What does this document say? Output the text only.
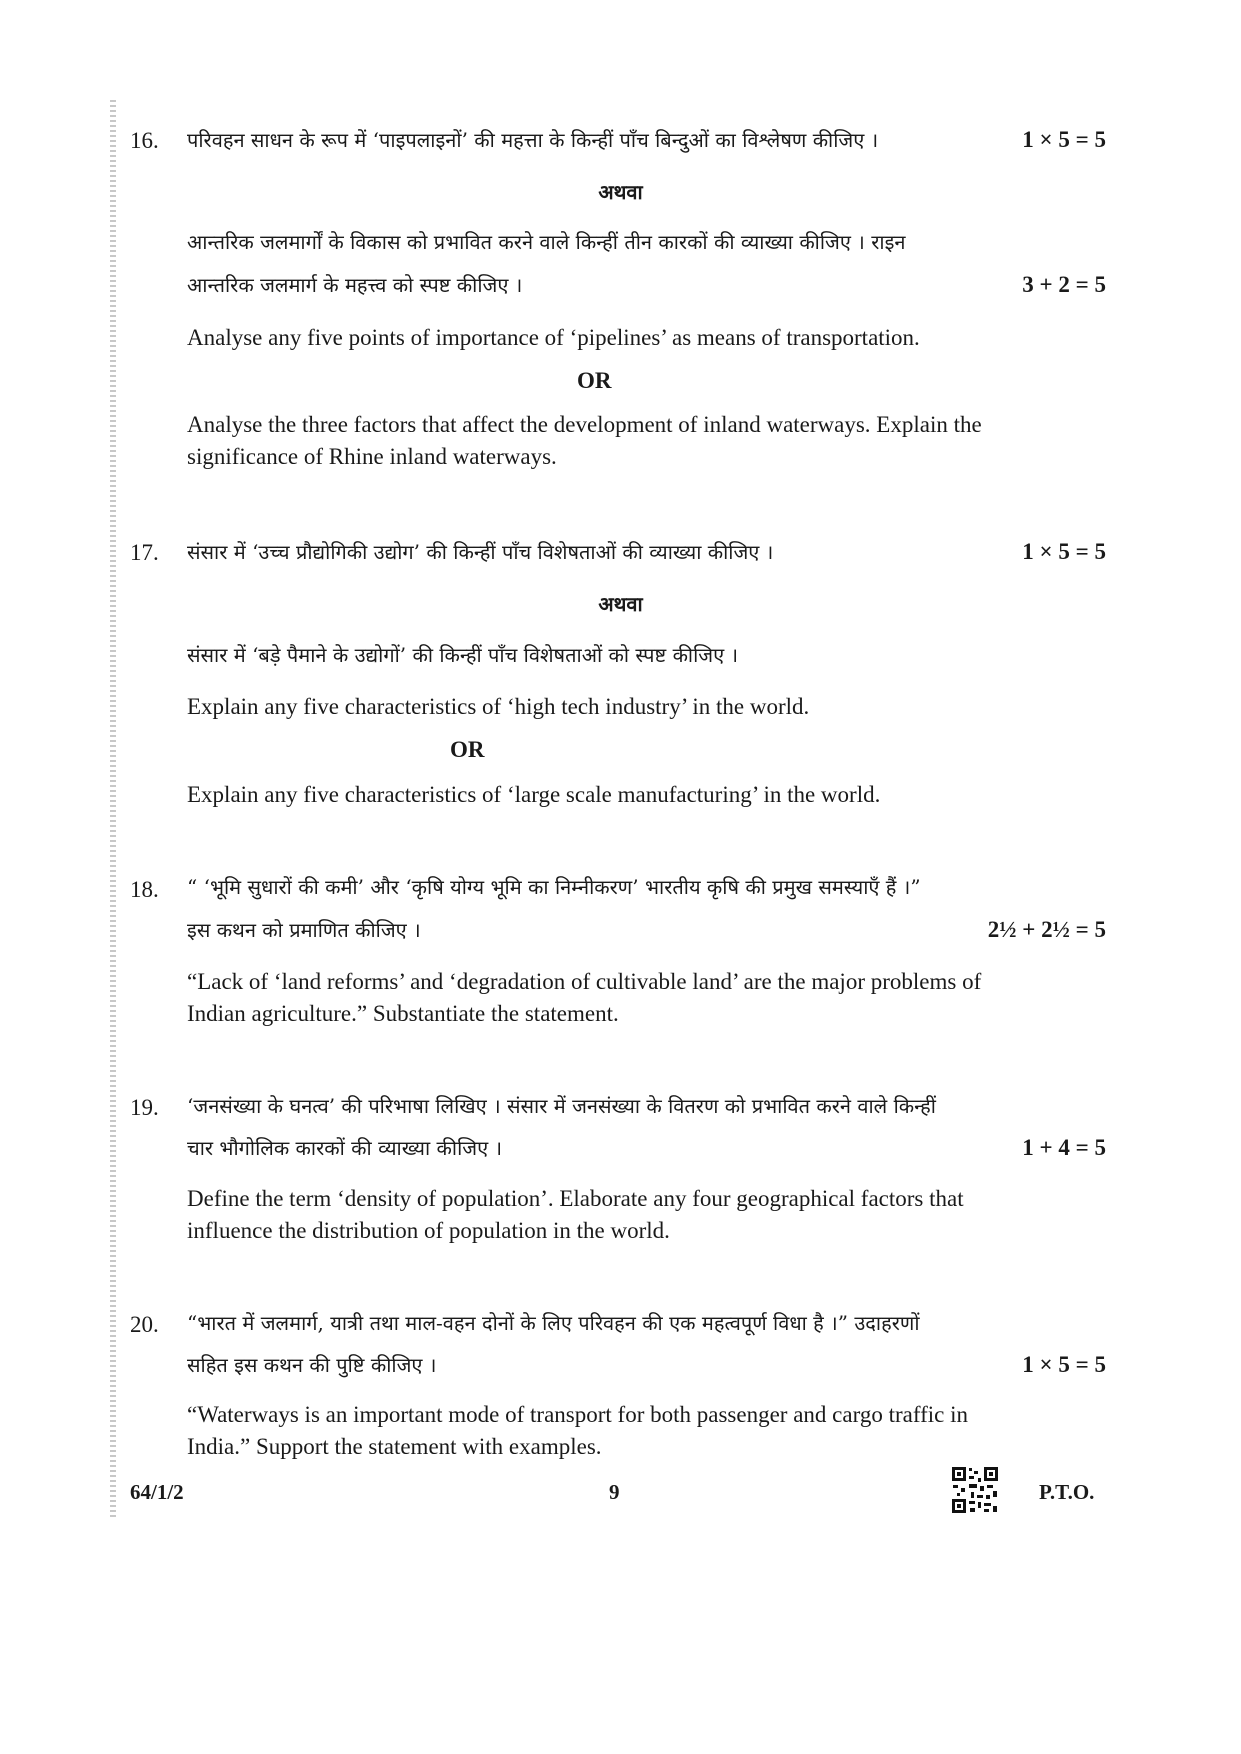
16. परिवहन साधन के रूप में ‘पाइपलाइनों’ की महत्ता के किन्हीं पाँच बिन्दुओं का विश्लेषण कीजिए ।	1 × 5 = 5
अथवा
आन्तरिक जलमार्गों के विकास को प्रभावित करने वाले किन्हीं तीन कारकों की व्याख्या कीजिए । राइन
आन्तरिक जलमार्ग के महत्त्व को स्पष्ट कीजिए ।	3 + 2 = 5
Analyse any five points of importance of ‘pipelines’ as means of transportation.
OR
Analyse the three factors that affect the development of inland waterways. Explain the
significance of Rhine inland waterways.
17. संसार में ‘उच्च प्रौद्योगिकी उद्योग’ की किन्हीं पाँच विशेषताओं की व्याख्या कीजिए ।	1 × 5 = 5
अथवा
संसार में ‘बड़े पैमाने के उद्योगों’ की किन्हीं पाँच विशेषताओं को स्पष्ट कीजिए ।
Explain any five characteristics of ‘high tech industry’ in the world.
OR
Explain any five characteristics of ‘large scale manufacturing’ in the world.
18. “ ‘भूमि सुधारों की कमी’ और ‘कृषि योग्य भूमि का निम्नीकरण’ भारतीय कृषि की प्रमुख समस्याएँ हैं ।”
इस कथन को प्रमाणित कीजिए ।	2½ + 2½ = 5
“Lack of ‘land reforms’ and ‘degradation of cultivable land’ are the major problems of
Indian agriculture.” Substantiate the statement.
19. ‘जनसंख्या के घनत्व’ की परिभाषा लिखिए । संसार में जनसंख्या के वितरण को प्रभावित करने वाले किन्हीं
चार भौगोलिक कारकों की व्याख्या कीजिए ।	1 + 4 = 5
Define the term ‘density of population’. Elaborate any four geographical factors that
influence the distribution of population in the world.
20. “भारत में जलमार्ग, यात्री तथा माल-वहन दोनों के लिए परिवहन की एक महत्वपूर्ण विधा है ।” उदाहरणों
सहित इस कथन की पुष्टि कीजिए ।	1 × 5 = 5
“Waterways is an important mode of transport for both passenger and cargo traffic in
India.” Support the statement with examples.
64/1/2	9	P.T.O.
